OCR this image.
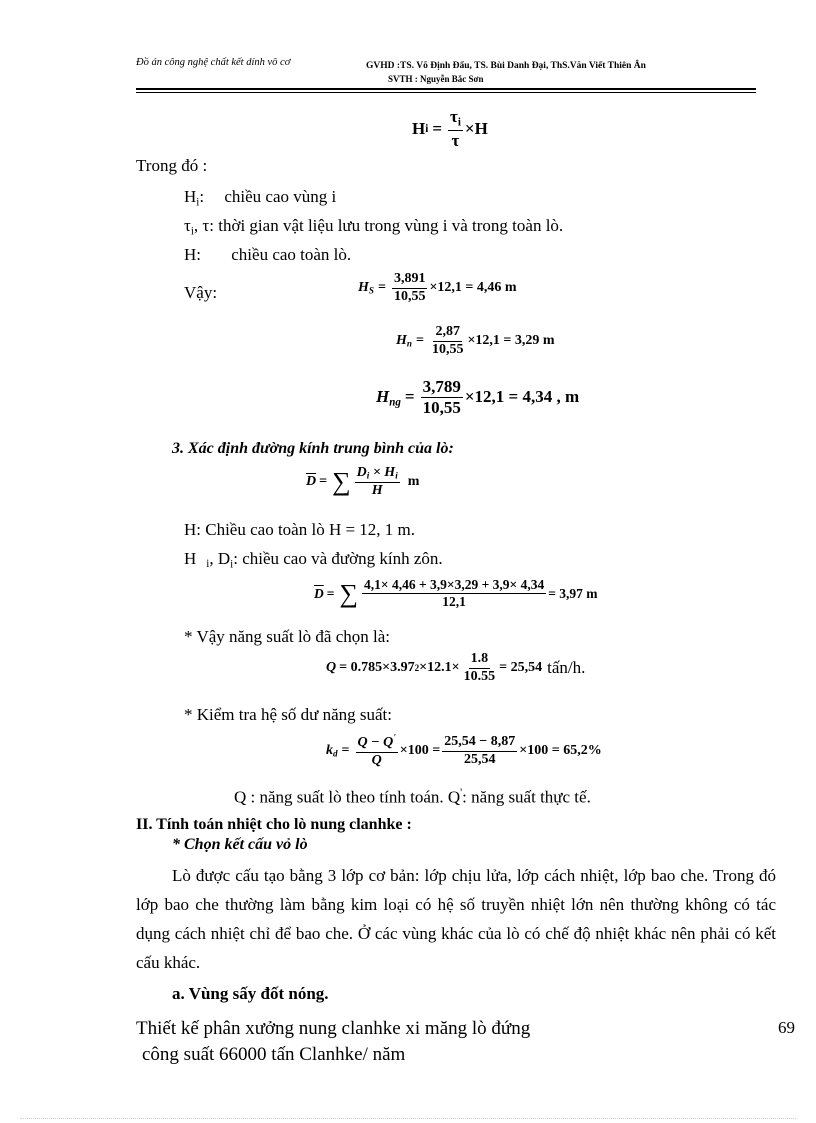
Đồ án công nghệ chất kết dính vô cơ	GVHD :TS. Võ Định Đẩu, TS. Bùi Danh Đại, ThS.Văn Viết Thiên Ân
SVTH : Nguyễn Bắc Sơn
H $i = \frac{\tau_i}{\tau} \times H$
Trong đó :
$H_i$: chiều cao vùng i
$\tau_i$, τ: thời gian vật liệu lưu trong vùng i và trong toàn lò.
H: chiều cao toàn lò.
Vậy:	$H_S = \frac{3,891}{10,55} \times 12,1 = 4,46$ m
$H_n = \frac{2,87}{10,55} \times 12,1 = 3,29$ m
$H_{ng} = \frac{3,789}{10,55} \times 12,1 = 4,34$ , m
3. Xác định đường kính trung bình của lò:
$\overline{D}$ = ∑ $\frac{D_i \times H_i}{H}$ m
H: Chiều cao toàn lò H = 12, 1 m.
H $_i$, $D_i$: chiều cao và đường kính zôn.
$\overline{D}$ = ∑ $\frac{4,1\times 4,46 + 3,9\times 3,29 + 3,9\times 4,34}{12,1} = 3,97$ m
* Vậy năng suất lò đã chọn là:
Q = 0.785×3.97 $2 \times 12.1\times \frac{1.8}{10.55} = 25,54$ tấn/h.
* Kiểm tra hệ số dư năng suất:
$k_d = \frac{Q - Q'}{Q} \times 100 = \frac{25,54 - 8,87}{25,54} \times 100 = 65,2\%$
Q : năng suất lò theo tính toán. Q': năng suất thực tế.
II. Tính toán nhiệt cho lò nung clanhke :
* Chọn kết cấu vỏ lò
Lò được cấu tạo bằng 3 lớp cơ bản: lớp chịu lửa, lớp cách nhiệt, lớp bao che. Trong đó lớp bao che thường làm bằng kim loại có hệ số truyền nhiệt lớn nên thường không có tác dụng cách nhiệt chỉ để bao che. Ở các vùng khác của lò có chế độ nhiệt khác nên phải có kết cấu khác.
a. Vùng sấy đốt nóng.
Thiết kế phân xưởng nung clanhke xi măng lò đứng
công suất 66000 tấn Clanhke/ năm
69
